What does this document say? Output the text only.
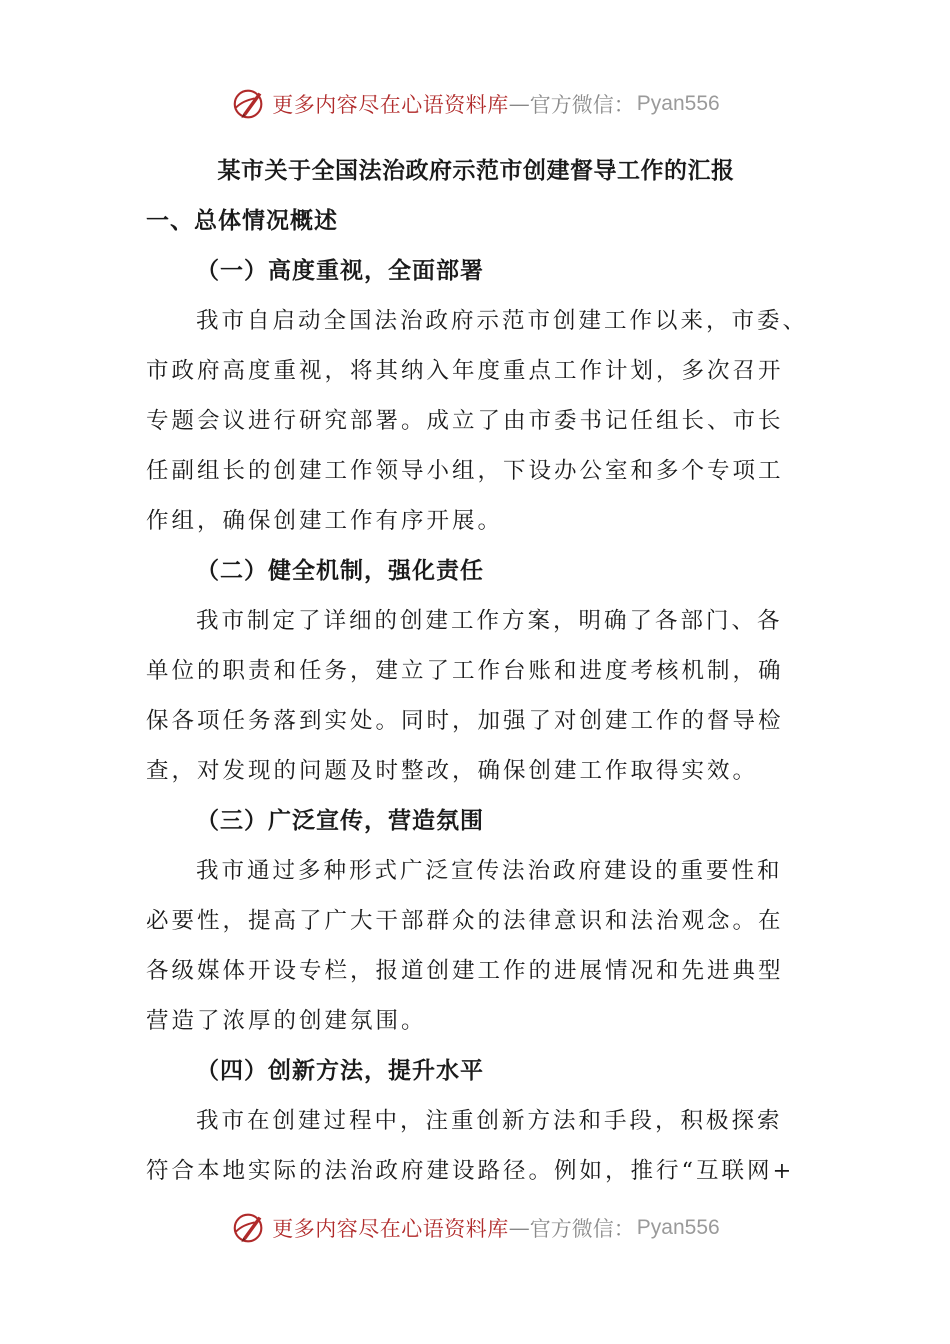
更多内容尽在心语资料库 — 官方微信： Pyan556
某市关于全国法治政府示范市创建督导工作的汇报
一、总体情况概述
（一）高度重视，全面部署
我市自启动全国法治政府示范市创建工作以来，市委、
市政府高度重视，将其纳入年度重点工作计划，多次召开
专题会议进行研究部署。成立了由市委书记任组长、市长
任副组长的创建工作领导小组，下设办公室和多个专项工
作组，确保创建工作有序开展。
（二）健全机制，强化责任
我市制定了详细的创建工作方案，明确了各部门、各
单位的职责和任务，建立了工作台账和进度考核机制，确
保各项任务落到实处。同时，加强了对创建工作的督导检
查，对发现的问题及时整改，确保创建工作取得实效。
（三）广泛宣传，营造氛围
我市通过多种形式广泛宣传法治政府建设的重要性和
必要性，提高了广大干部群众的法律意识和法治观念。在
各级媒体开设专栏，报道创建工作的进展情况和先进典型
营造了浓厚的创建氛围。
（四）创新方法，提升水平
我市在创建过程中，注重创新方法和手段，积极探索
符合本地实际的法治政府建设路径。例如，推行“互联网+
更多内容尽在心语资料库 — 官方微信： Pyan556
